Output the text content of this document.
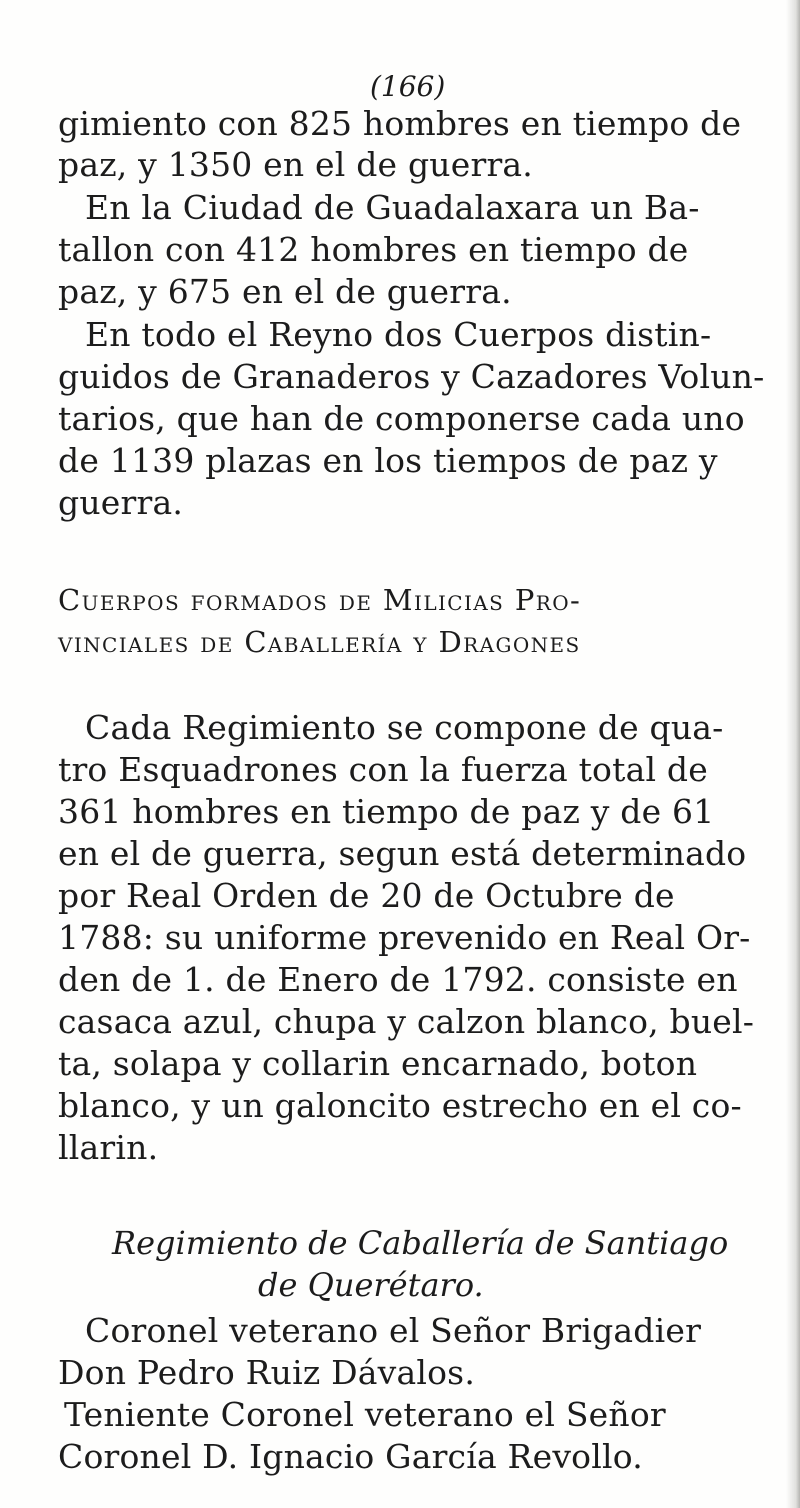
(166)
gimiento con 825 hombres en tiempo de
paz, y 1350 en el de guerra.
En la Ciudad de Guadalaxara un Ba-
tallon con 412 hombres en tiempo de
paz, y 675 en el de guerra.
En todo el Reyno dos Cuerpos distin-
guidos de Granaderos y Cazadores Volun-
tarios, que han de componerse cada uno
de 1139 plazas en los tiempos de paz y
guerra.
Cuerpos formados de Milicias Pro-
vinciales de Caballería y Dragones
Cada Regimiento se compone de qua-
tro Esquadrones con la fuerza total de
361 hombres en tiempo de paz y de 61
en el de guerra, segun está determinado
por Real Orden de 20 de Octubre de
1788: su uniforme prevenido en Real Or-
den de 1. de Enero de 1792. consiste en
casaca azul, chupa y calzon blanco, buel-
ta, solapa y collarin encarnado, boton
blanco, y un galoncito estrecho en el co-
llarin.
Regimiento de Caballería de Santiago
de Querétaro.
Coronel veterano el Señor Brigadier
Don Pedro Ruiz Dávalos.
Teniente Coronel veterano el Señor
Coronel D. Ignacio García Revollo.
